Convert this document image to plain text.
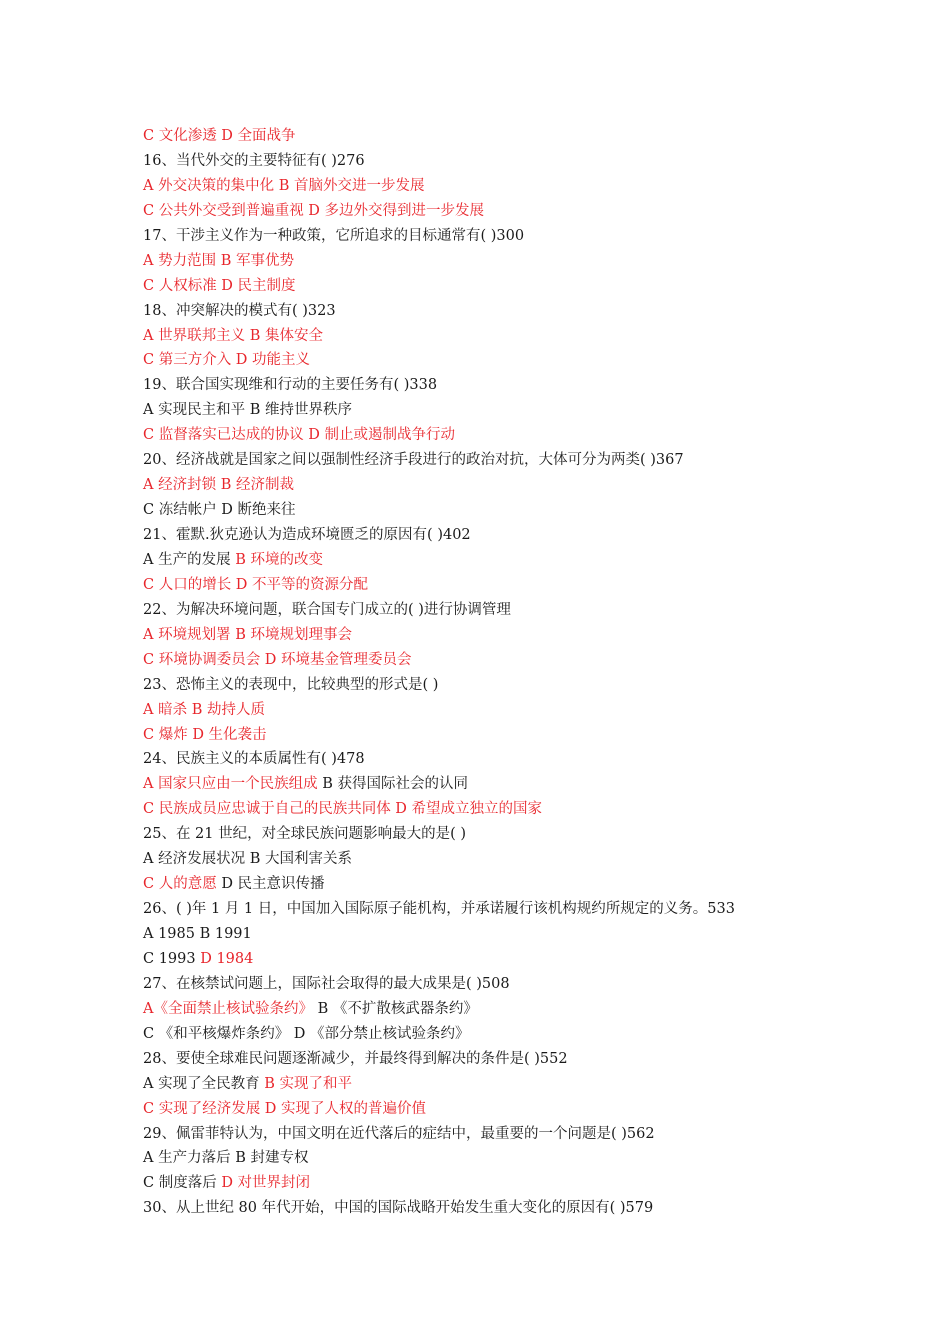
C 文化渗透 D 全面战争
16、当代外交的主要特征有( )276
A 外交决策的集中化 B 首脑外交进一步发展
C 公共外交受到普遍重视 D 多边外交得到进一步发展
17、干涉主义作为一种政策，它所追求的目标通常有( )300
A 势力范围 B 军事优势
C 人权标准 D 民主制度
18、冲突解决的模式有( )323
A 世界联邦主义 B 集体安全
C 第三方介入 D 功能主义
19、联合国实现维和行动的主要任务有( )338
A 实现民主和平 B 维持世界秩序
C 监督落实已达成的协议 D 制止或遏制战争行动
20、经济战就是国家之间以强制性经济手段进行的政治对抗，大体可分为两类( )367
A 经济封锁 B 经济制裁
C 冻结帐户 D 断绝来往
21、霍默.狄克逊认为造成环境匮乏的原因有( )402
A 生产的发展 B 环境的改变
C 人口的增长 D 不平等的资源分配
22、为解决环境问题，联合国专门成立的( )进行协调管理
A 环境规划署 B 环境规划理事会
C 环境协调委员会 D 环境基金管理委员会
23、恐怖主义的表现中，比较典型的形式是( )
A 暗杀 B 劫持人质
C 爆炸 D 生化袭击
24、民族主义的本质属性有( )478
A 国家只应由一个民族组成 B 获得国际社会的认同
C 民族成员应忠诚于自己的民族共同体 D 希望成立独立的国家
25、在 21 世纪，对全球民族问题影响最大的是( )
A 经济发展状况 B 大国利害关系
C 人的意愿 D 民主意识传播
26、( )年 1 月 1 日，中国加入国际原子能机构，并承诺履行该机构规约所规定的义务。533
A 1985 B 1991
C 1993 D 1984
27、在核禁试问题上，国际社会取得的最大成果是( )508
A《全面禁止核试验条约》 B 《不扩散核武器条约》
C 《和平核爆炸条约》 D 《部分禁止核试验条约》
28、要使全球难民问题逐渐减少，并最终得到解决的条件是( )552
A 实现了全民教育 B 实现了和平
C 实现了经济发展 D 实现了人权的普遍价值
29、佩雷菲特认为，中国文明在近代落后的症结中，最重要的一个问题是( )562
A 生产力落后 B 封建专权
C 制度落后 D 对世界封闭
30、从上世纪 80 年代开始，中国的国际战略开始发生重大变化的原因有( )579
